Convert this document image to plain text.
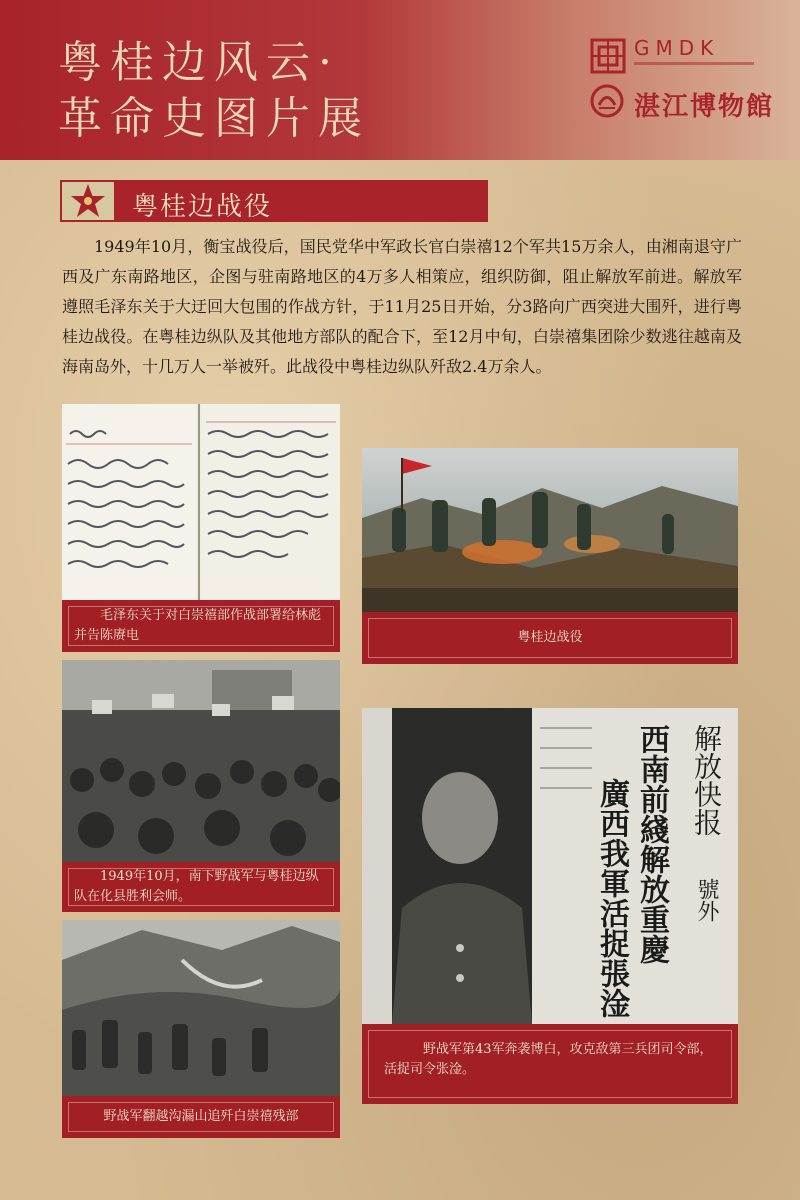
粤桂边风云·
革命史图片展
GMDK
湛江博物館
粤桂边战役
1949年10月，衡宝战役后，国民党华中军政长官白崇禧12个军共15万余人，由湘南退守广西及广东南路地区，企图与驻南路地区的4万多人相策应，组织防御，阻止解放军前进。解放军遵照毛泽东关于大迂回大包围的作战方针，于11月25日开始，分3路向广西突进大围歼，进行粤桂边战役。在粤桂边纵队及其他地方部队的配合下，至12月中旬，白崇禧集团除少数逃往越南及海南岛外，十几万人一举被歼。此战役中粤桂边纵队歼敌2.4万余人。
毛泽东关于对白崇禧部作战部署给林彪并告陈赓电	粤桂边战役
1949年10月，南下野战军与粤桂边纵队在化县胜利会师。	西南前綫解放重慶
廣西我軍活捉張淦 解放快报
號外
野战军第43军奔袭博白，攻克敌第三兵团司令部，活捉司令张淦。
野战军翻越沟漏山追歼白崇禧残部
